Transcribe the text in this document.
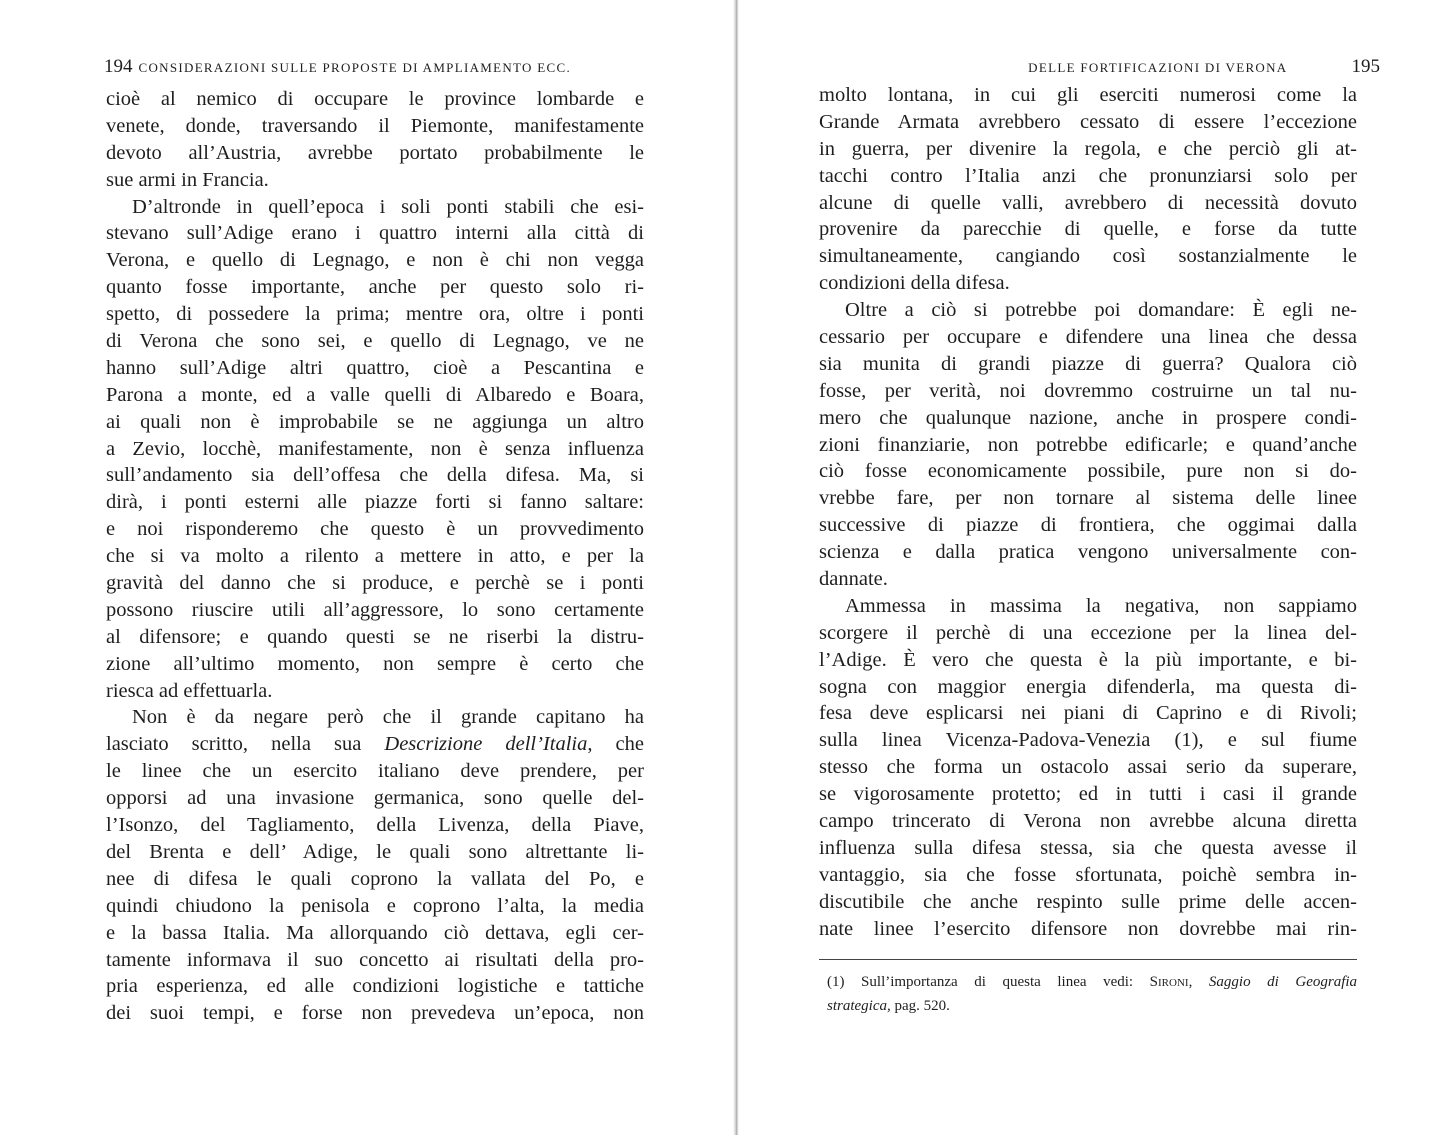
194 CONSIDERAZIONI SULLE PROPOSTE DI AMPLIAMENTO ECC.
cioè al nemico di occupare le province lombarde e
venete, donde, traversando il Piemonte, manifestamente
devoto all’Austria, avrebbe portato probabilmente le
sue armi in Francia.
D’altronde in quell’epoca i soli ponti stabili che esi-
stevano sull’Adige erano i quattro interni alla città di
Verona, e quello di Legnago, e non è chi non vegga
quanto fosse importante, anche per questo solo ri-
spetto, di possedere la prima; mentre ora, oltre i ponti
di Verona che sono sei, e quello di Legnago, ve ne
hanno sull’Adige altri quattro, cioè a Pescantina e
Parona a monte, ed a valle quelli di Albaredo e Boara,
ai quali non è improbabile se ne aggiunga un altro
a Zevio, locchè, manifestamente, non è senza influenza
sull’andamento sia dell’offesa che della difesa. Ma, si
dirà, i ponti esterni alle piazze forti si fanno saltare:
e noi risponderemo che questo è un provvedimento
che si va molto a rilento a mettere in atto, e per la
gravità del danno che si produce, e perchè se i ponti
possono riuscire utili all’aggressore, lo sono certamente
al difensore; e quando questi se ne riserbi la distru-
zione all’ultimo momento, non sempre è certo che
riesca ad effettuarla.
Non è da negare però che il grande capitano ha
lasciato scritto, nella sua Descrizione dell’Italia, che
le linee che un esercito italiano deve prendere, per
opporsi ad una invasione germanica, sono quelle del-
l’Isonzo, del Tagliamento, della Livenza, della Piave,
del Brenta e dell’ Adige, le quali sono altrettante li-
nee di difesa le quali coprono la vallata del Po, e
quindi chiudono la penisola e coprono l’alta, la media
e la bassa Italia. Ma allorquando ciò dettava, egli cer-
tamente informava il suo concetto ai risultati della pro-
pria esperienza, ed alle condizioni logistiche e tattiche
dei suoi tempi, e forse non prevedeva un’epoca, non
DELLE FORTIFICAZIONI DI VERONA	195
molto lontana, in cui gli eserciti numerosi come la
Grande Armata avrebbero cessato di essere l’eccezione
in guerra, per divenire la regola, e che perciò gli at-
tacchi contro l’Italia anzi che pronunziarsi solo per
alcune di quelle valli, avrebbero di necessità dovuto
provenire da parecchie di quelle, e forse da tutte
simultaneamente, cangiando così sostanzialmente le
condizioni della difesa.
Oltre a ciò si potrebbe poi domandare: È egli ne-
cessario per occupare e difendere una linea che dessa
sia munita di grandi piazze di guerra? Qualora ciò
fosse, per verità, noi dovremmo costruirne un tal nu-
mero che qualunque nazione, anche in prospere condi-
zioni finanziarie, non potrebbe edificarle; e quand’anche
ciò fosse economicamente possibile, pure non si do-
vrebbe fare, per non tornare al sistema delle linee
successive di piazze di frontiera, che oggimai dalla
scienza e dalla pratica vengono universalmente con-
dannate.
Ammessa in massima la negativa, non sappiamo
scorgere il perchè di una eccezione per la linea del-
l’Adige. È vero che questa è la più importante, e bi-
sogna con maggior energia difenderla, ma questa di-
fesa deve esplicarsi nei piani di Caprino e di Rivoli;
sulla linea Vicenza-Padova-Venezia (1), e sul fiume
stesso che forma un ostacolo assai serio da superare,
se vigorosamente protetto; ed in tutti i casi il grande
campo trincerato di Verona non avrebbe alcuna diretta
influenza sulla difesa stessa, sia che questa avesse il
vantaggio, sia che fosse sfortunata, poichè sembra in-
discutibile che anche respinto sulle prime delle accen-
nate linee l’esercito difensore non dovrebbe mai rin-
(1) Sull’importanza di questa linea vedi: Sironi, Saggio di Geografia
strategica, pag. 520.
